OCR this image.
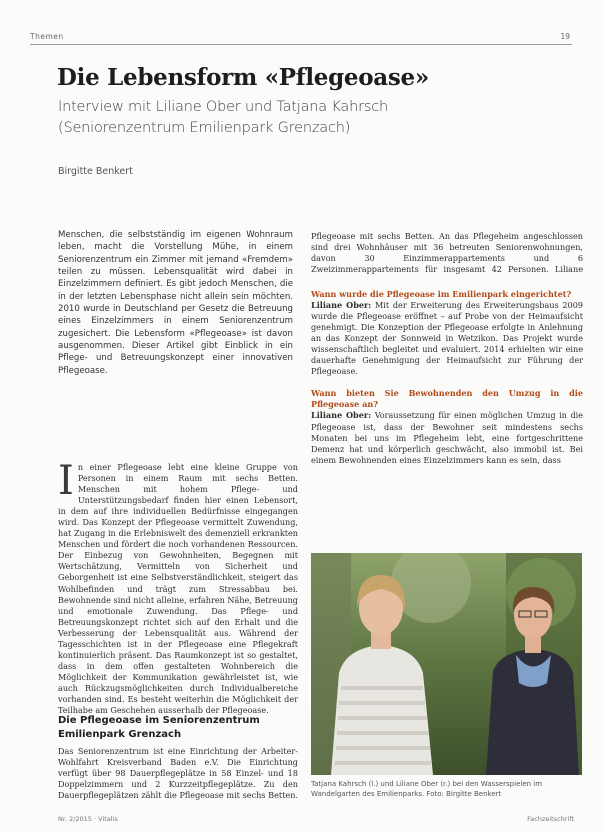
Themen	19
Die Lebensform «Pflegeoase»
Interview mit Liliane Ober und Tatjana Kahrsch
(Seniorenzentrum Emilienpark Grenzach)
Birgitte Benkert

Menschen, die selbstständig im eigenen Wohnraum leben, macht die Vorstellung Mühe, in einem Seniorenzentrum ein Zimmer mit jemand «Fremdem» teilen zu müssen. Lebensqualität wird dabei in Einzelzimmern definiert. Es gibt jedoch Menschen, die in der letzten Lebensphase nicht allein sein möchten. 2010 wurde in Deutschland per Gesetz die Betreuung eines Einzelzimmers in einem Seniorenzentrum zugesichert. Die Lebensform «Pflegeoase» ist davon ausgenommen. Dieser Artikel gibt Einblick in ein Pflege- und Betreuungskonzept einer innovativen Pflegeoase.

In einer Pflegeoase lebt eine kleine Gruppe von Personen in einem Raum mit sechs Betten. Menschen mit hohem Pflege- und Unterstützungsbedarf finden hier einen Lebensort, in dem auf ihre individuellen Bedürfnisse eingegangen wird. Das Konzept der Pflegeoase vermittelt Zuwendung, hat Zugang in die Erlebniswelt des demenziell erkrankten Menschen und fördert die noch vorhandenen Ressourcen. Der Einbezug von Gewohnheiten, Begegnen mit Wertschätzung, Vermitteln von Sicherheit und Geborgenheit ist eine Selbstverständlichkeit, steigert das Wohlbefinden und trägt zum Stressabbau bei. Bewohnende sind nicht alleine, erfahren Nähe, Betreuung und emotionale Zuwendung. Das Pflege- und Betreuungskonzept richtet sich auf den Erhalt und die Verbesserung der Lebensqualität aus. Während der Tagesschichten ist in der Pflegeoase eine Pflegekraft kontinuierlich präsent. Das Raumkonzept ist so gestaltet, dass in dem offen gestalteten Wohnbereich die Möglichkeit der Kommunikation gewährleistet ist, wie auch Rückzugsmöglichkeiten durch Individualbereiche vorhanden sind. Es besteht weiterhin die Möglichkeit der Teilhabe am Geschehen ausserhalb der Pflegeoase.

Die Pflegeoase im Seniorenzentrum Emilienpark Grenzach

Das Seniorenzentrum ist eine Einrichtung der Arbeiter-Wohlfahrt Kreisverband Baden e.V. Die Einrichtung verfügt über 98 Dauerpflegeplätze in 58 Einzel- und 18 Doppelzimmern und 2 Kurzzeitpflegeplätze. Zu den Dauerpflegeplätzen zählt die Pflegeoase mit sechs Betten.

Pflegeoase mit sechs Betten. An das Pflegeheim angeschlossen sind drei Wohnhäuser mit 36 betreuten Seniorenwohnungen, davon 30 Einzimmerappartements und 6 Zweizimmerappartements für insgesamt 42 Personen. Liliane

Wann wurde die Pflegeoase im Emilienpark eingerichtet?

Liliane Ober: Mit der Erweiterung des Erweiterungsbaus 2009 wurde die Pflegeoase eröffnet – auf Probe von der Heimaufsicht genehmigt. Die Konzeption der Pflegeoase erfolgte in Anlehnung an das Konzept der Sonnweid in Wetzikon. Das Projekt wurde wissenschaftlich begleitet und evaluiert. 2014 erhielten wir eine dauerhafte Genehmigung der Heimaufsicht zur Führung der Pflegeoase.

Wann bieten Sie Bewohnenden den Umzug in die Pflegeoase an?

Liliane Ober: Voraussetzung für einen möglichen Umzug in die Pflegeoase ist, dass der Bewohner seit mindestens sechs Monaten bei uns im Pflegeheim lebt, eine fortgeschrittene Demenz hat und körperlich geschwächt, also immobil ist. Bei einem Bewohnenden eines Einzelzimmers kann es sein, dass

Tatjana Kahrsch (l.) und Liliane Ober (r.) bei den Wasserspielen im Wandelgarten des Emilienparks. Foto: Birgitte Benkert
Nr. 2/2015 · Vitalis	Fachzeitschrift
